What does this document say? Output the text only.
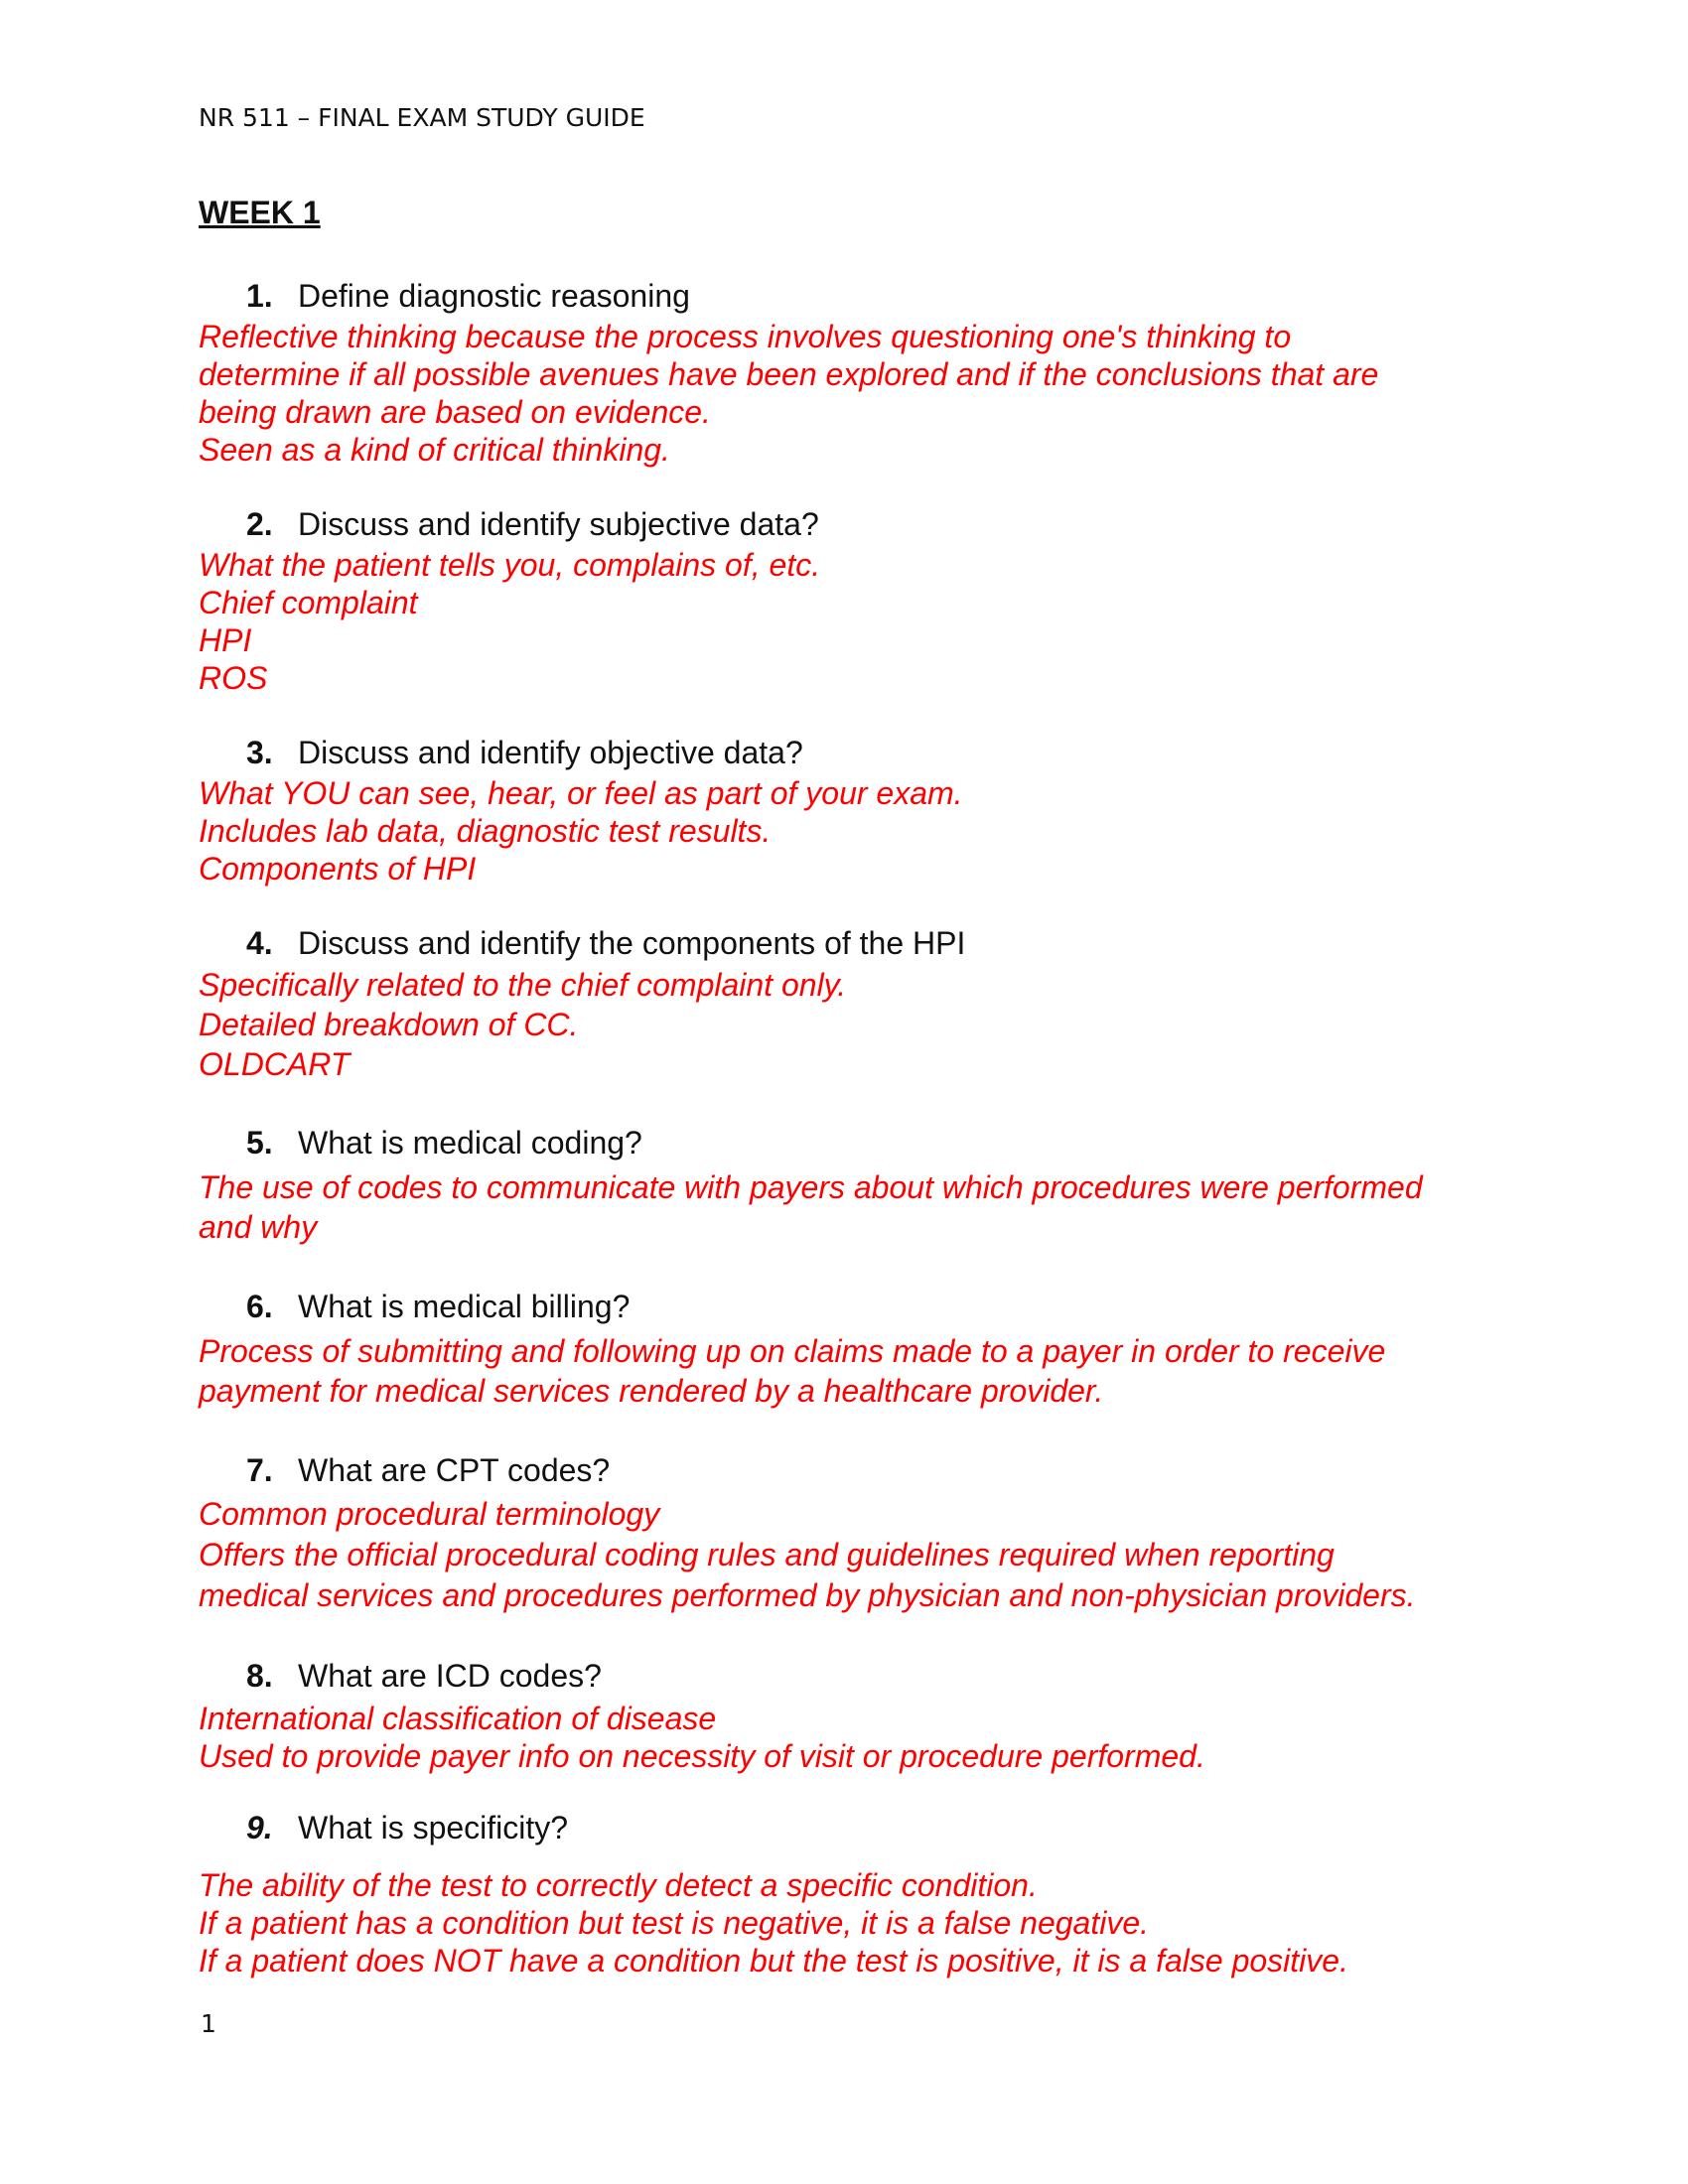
NR 511 – FINAL EXAM STUDY GUIDE
WEEK 1
1. Define diagnostic reasoning
Reflective thinking because the process involves questioning one's thinking to
determine if all possible avenues have been explored and if the conclusions that are
being drawn are based on evidence.
Seen as a kind of critical thinking.
2. Discuss and identify subjective data?
What the patient tells you, complains of, etc.
Chief complaint
HPI
ROS
3. Discuss and identify objective data?
What YOU can see, hear, or feel as part of your exam.
Includes lab data, diagnostic test results.
Components of HPI
4. Discuss and identify the components of the HPI
Specifically related to the chief complaint only.
Detailed breakdown of CC.
OLDCART
5. What is medical coding?
The use of codes to communicate with payers about which procedures were performed
and why
6. What is medical billing?
Process of submitting and following up on claims made to a payer in order to receive
payment for medical services rendered by a healthcare provider.
7. What are CPT codes?
Common procedural terminology
Offers the official procedural coding rules and guidelines required when reporting
medical services and procedures performed by physician and non-physician providers.
8. What are ICD codes?
International classification of disease
Used to provide payer info on necessity of visit or procedure performed.
9. What is specificity?
The ability of the test to correctly detect a specific condition.
If a patient has a condition but test is negative, it is a false negative.
If a patient does NOT have a condition but the test is positive, it is a false positive.
1
